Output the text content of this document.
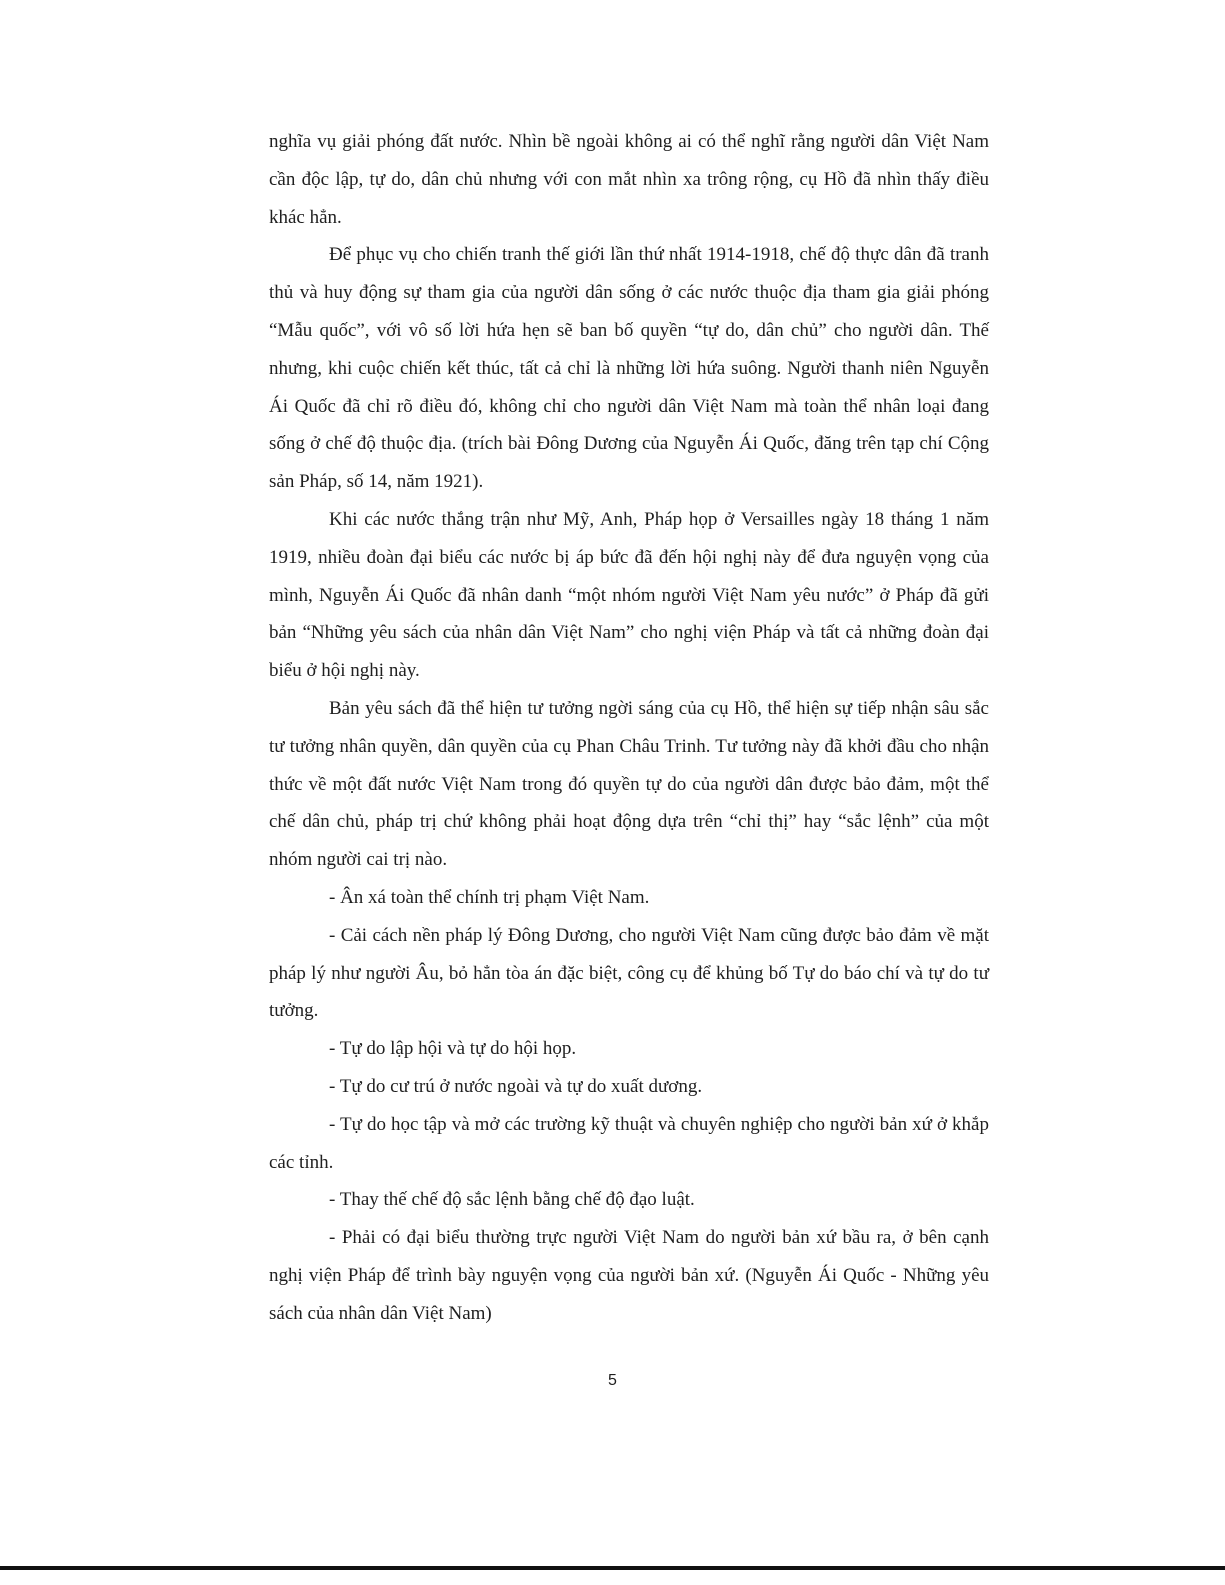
nghĩa vụ giải phóng đất nước. Nhìn bề ngoài không ai có thể nghĩ rằng người dân Việt Nam cần độc lập, tự do, dân chủ nhưng với con mắt nhìn xa trông rộng, cụ Hồ đã nhìn thấy điều khác hẳn.

Để phục vụ cho chiến tranh thế giới lần thứ nhất 1914-1918, chế độ thực dân đã tranh thủ và huy động sự tham gia của người dân sống ở các nước thuộc địa tham gia giải phóng “Mẫu quốc”, với vô số lời hứa hẹn sẽ ban bố quyền “tự do, dân chủ” cho người dân. Thế nhưng, khi cuộc chiến kết thúc, tất cả chỉ là những lời hứa suông. Người thanh niên Nguyễn Ái Quốc đã chỉ rõ điều đó, không chỉ cho người dân Việt Nam mà toàn thể nhân loại đang sống ở chế độ thuộc địa. (trích bài Đông Dương của Nguyễn Ái Quốc, đăng trên tạp chí Cộng sản Pháp, số 14, năm 1921).

Khi các nước thắng trận như Mỹ, Anh, Pháp họp ở Versailles ngày 18 tháng 1 năm 1919, nhiều đoàn đại biểu các nước bị áp bức đã đến hội nghị này để đưa nguyện vọng của mình, Nguyễn Ái Quốc đã nhân danh “một nhóm người Việt Nam yêu nước” ở Pháp đã gửi bản “Những yêu sách của nhân dân Việt Nam” cho nghị viện Pháp và tất cả những đoàn đại biểu ở hội nghị này.

Bản yêu sách đã thể hiện tư tưởng ngời sáng của cụ Hồ, thể hiện sự tiếp nhận sâu sắc tư tưởng nhân quyền, dân quyền của cụ Phan Châu Trinh. Tư tưởng này đã khởi đầu cho nhận thức về một đất nước Việt Nam trong đó quyền tự do của người dân được bảo đảm, một thể chế dân chủ, pháp trị chứ không phải hoạt động dựa trên “chỉ thị” hay “sắc lệnh” của một nhóm người cai trị nào.

- Ân xá toàn thể chính trị phạm Việt Nam.

- Cải cách nền pháp lý Đông Dương, cho người Việt Nam cũng được bảo đảm về mặt pháp lý như người Âu, bỏ hẳn tòa án đặc biệt, công cụ để khủng bố Tự do báo chí và tự do tư tưởng.

- Tự do lập hội và tự do hội họp.

- Tự do cư trú ở nước ngoài và tự do xuất dương.

- Tự do học tập và mở các trường kỹ thuật và chuyên nghiệp cho người bản xứ ở khắp các tỉnh.

- Thay thế chế độ sắc lệnh bằng chế độ đạo luật.

- Phải có đại biểu thường trực người Việt Nam do người bản xứ bầu ra, ở bên cạnh nghị viện Pháp để trình bày nguyện vọng của người bản xứ. (Nguyễn Ái Quốc - Những yêu sách của nhân dân Việt Nam)

5
